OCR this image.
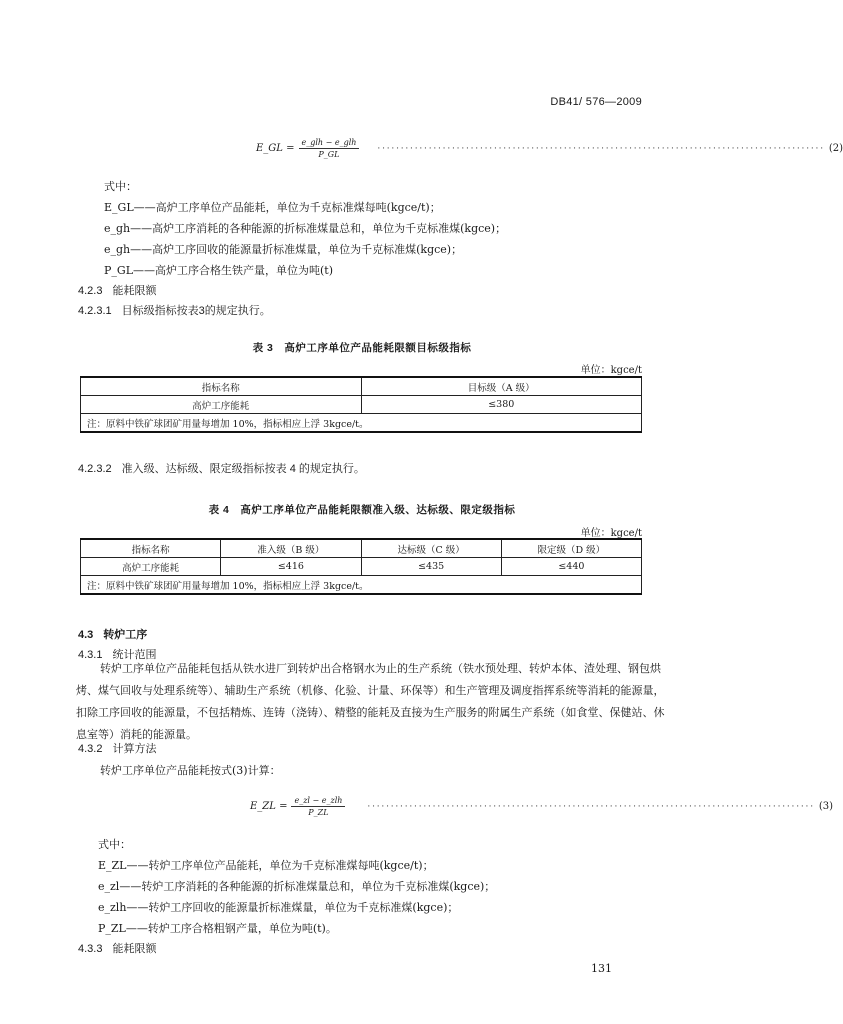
DB41/ 576—2009
E_GL = $\frac{\text{e\_glh − e\_glh}}{P\_GL}$ ································································································ (2)
式中：
E_GL——高炉工序单位产品能耗，单位为千克标准煤每吨(kgce/t)；
e_gh——高炉工序消耗的各种能源的折标准煤量总和，单位为千克标准煤(kgce)；
e_gh——高炉工序回收的能源量折标准煤量，单位为千克标准煤(kgce)；
P_GL——高炉工序合格生铁产量，单位为吨(t)
4.2.3 能耗限额
4.2.3.1 目标级指标按表3的规定执行。
表 3　高炉工序单位产品能耗限额目标级指标
单位：kgce/t
指标名称	目标级（A 级）
高炉工序能耗	≤380
注：原料中铁矿球团矿用量每增加 10%，指标相应上浮 3kgce/t。	
4.2.3.2 准入级、达标级、限定级指标按表 4 的规定执行。
表 4　高炉工序单位产品能耗限额准入级、达标级、限定级指标
单位：kgce/t
指标名称	准入级（B 级）	达标级（C 级）	限定级（D 级）
高炉工序能耗	≤416	≤435	≤440
注：原料中铁矿球团矿用量每增加 10%，指标相应上浮 3kgce/t。			
4.3 转炉工序
4.3.1 统计范围
转炉工序单位产品能耗包括从铁水进厂到转炉出合格钢水为止的生产系统（铁水预处理、转炉本体、渣处理、钢包烘烤、煤气回收与处理系统等）、辅助生产系统（机修、化验、计量、环保等）和生产管理及调度指挥系统等消耗的能源量，扣除工序回收的能源量，不包括精炼、连铸（浇铸）、精整的能耗及直接为生产服务的附属生产系统（如食堂、保健站、休息室等）消耗的能源量。
4.3.2 计算方法
转炉工序单位产品能耗按式(3)计算：
E_ZL = $\frac{\text{e\_zl − e\_zlh}}{P\_ZL}$ ································································································ (3)
式中：
E_ZL——转炉工序单位产品能耗，单位为千克标准煤每吨(kgce/t)；
e_zl——转炉工序消耗的各种能源的折标准煤量总和，单位为千克标准煤(kgce)；
e_zlh——转炉工序回收的能源量折标准煤量，单位为千克标准煤(kgce)；
P_ZL——转炉工序合格粗钢产量，单位为吨(t)。
4.3.3 能耗限额
131
